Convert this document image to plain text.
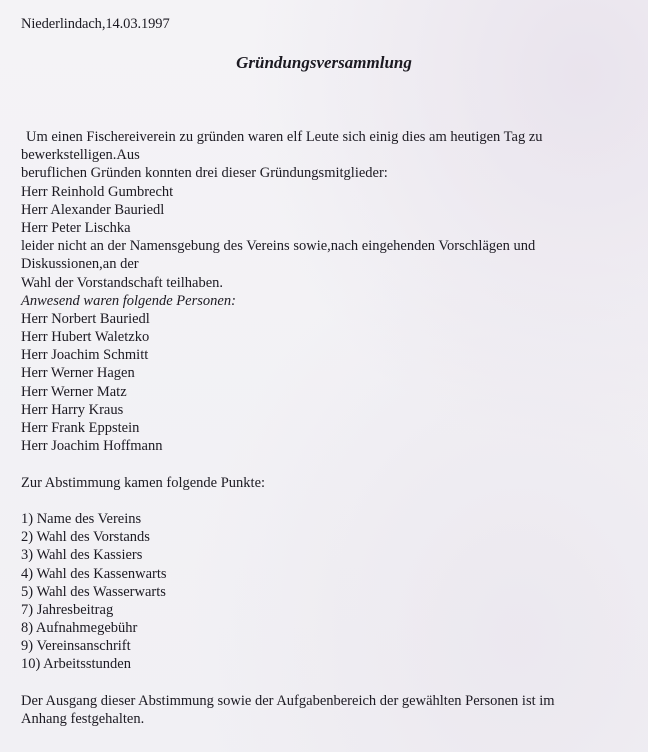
Niederlindach,14.03.1997
Gründungsversammlung
Um einen Fischereiverein zu gründen waren elf Leute sich einig dies am heutigen Tag zu
bewerkstelligen.Aus
beruflichen Gründen konnten drei dieser Gründungsmitglieder:
Herr Reinhold Gumbrecht
Herr Alexander Bauriedl
Herr Peter Lischka
leider nicht an der Namensgebung des Vereins sowie,nach eingehenden Vorschlägen und
Diskussionen,an der
Wahl der Vorstandschaft teilhaben.
Anwesend waren folgende Personen:
Herr Norbert Bauriedl
Herr Hubert Waletzko
Herr Joachim Schmitt
Herr Werner Hagen
Herr Werner Matz
Herr Harry Kraus
Herr Frank Eppstein
Herr Joachim Hoffmann
Zur Abstimmung kamen folgende Punkte:
1) Name des Vereins
2) Wahl des Vorstands
3) Wahl des Kassiers
4) Wahl des Kassenwarts
5) Wahl des Wasserwarts
7) Jahresbeitrag
8) Aufnahmegebühr
9) Vereinsanschrift
10) Arbeitsstunden
Der Ausgang dieser Abstimmung sowie der Aufgabenbereich der gewählten Personen ist im
Anhang festgehalten.
